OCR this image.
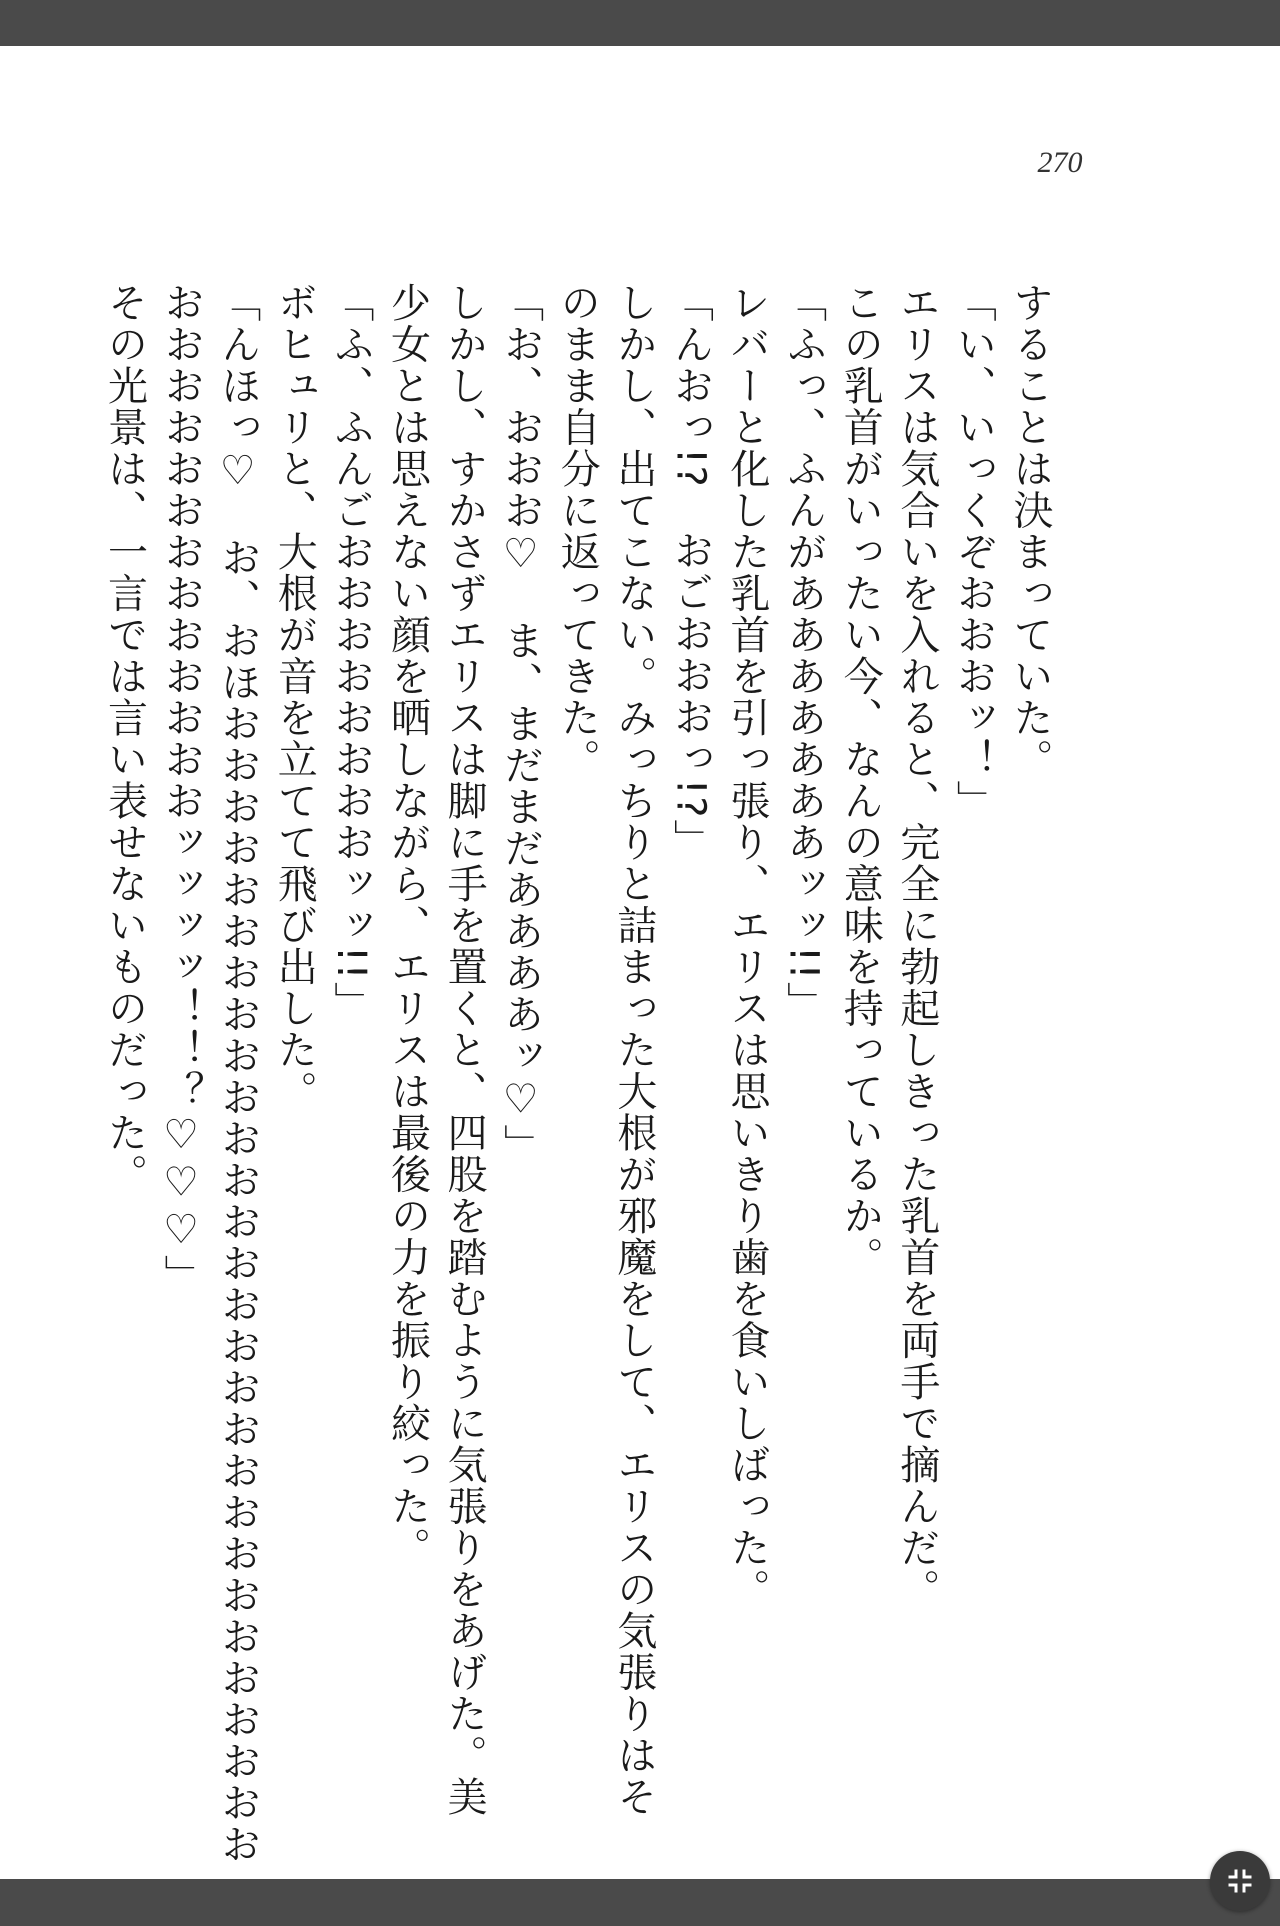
270
することは決まっていた。
「い、いっくぞおおおッ！」
エリスは気合いを入れると、完全に勃起しきった乳首を両手で摘んだ。
この乳首がいったい今、なんの意味を持っているか。
「ふっ、ふんがあああああああッッ!!」
レバーと化した乳首を引っ張り、エリスは思いきり歯を食いしばった。
「んおっ!?　おごおおおっ!?」
しかし、出てこない。みっちりと詰まった大根が邪魔をして、エリスの気張りはそ
のまま自分に返ってきた。
「お、おおお♡　ま、まだまだああああッ♡」
しかし、すかさずエリスは脚に手を置くと、四股を踏むように気張りをあげた。美
少女とは思えない顔を晒しながら、エリスは最後の力を振り絞った。
「ふ、ふんごおおおおおおおおッッ!!」
ボヒュリと、大根が音を立てて飛び出した。
「んほっ♡　お、おほおおおおおおおおおおおおおおおおおおおおおおおおおおおお
おおおおおおおおおおおおおッッッッ！！？♡♡♡」
その光景は、一言では言い表せないものだった。
